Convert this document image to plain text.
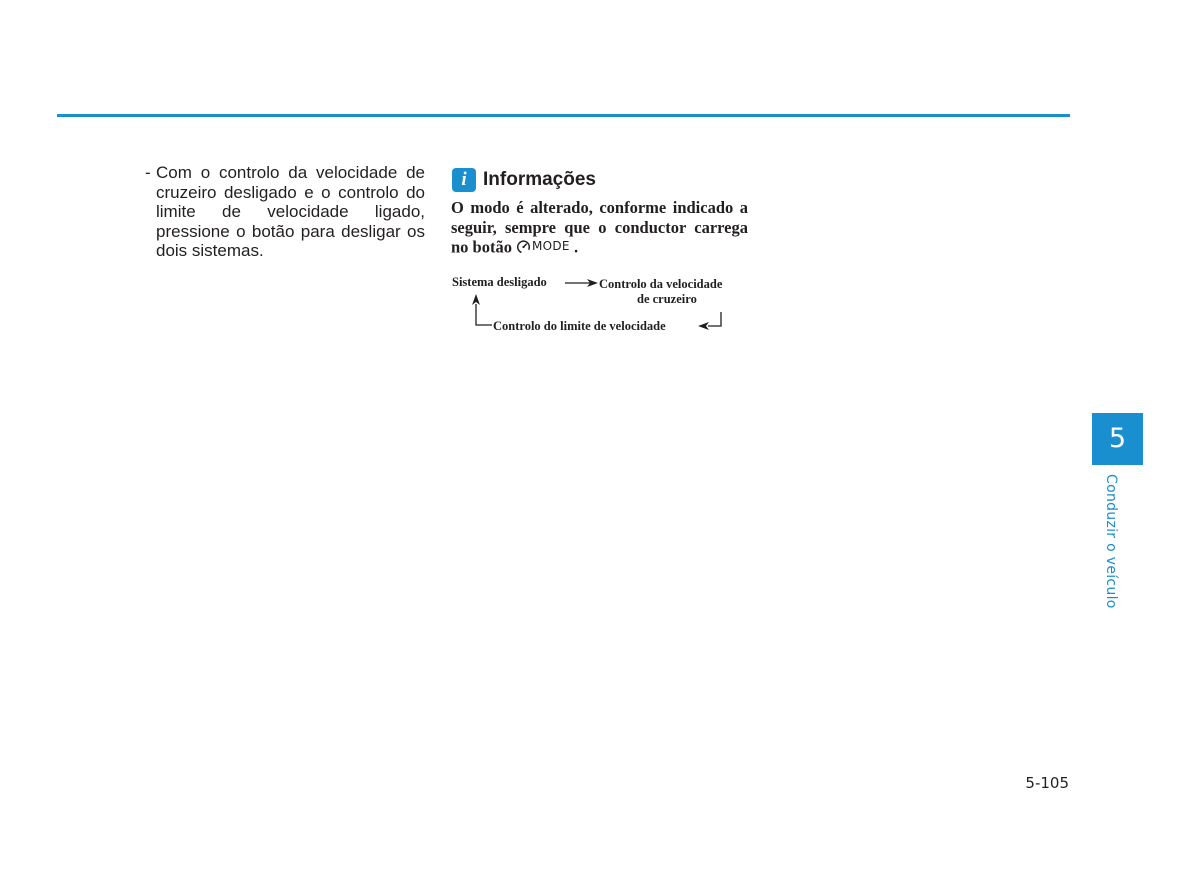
- Com o controlo da velocidade de cruzeiro desligado e o controlo do limite de velocidade ligado, pressione o botão para desligar os dois sistemas.
i Informações

O modo é alterado, conforme indicado a seguir, sempre que o conductor carrega no botão MODE .

Sistema desligado	Controlo da velocidade
de cruzeiro
Controlo do limite de velocidade
5
Conduzir o veículo
5-105
